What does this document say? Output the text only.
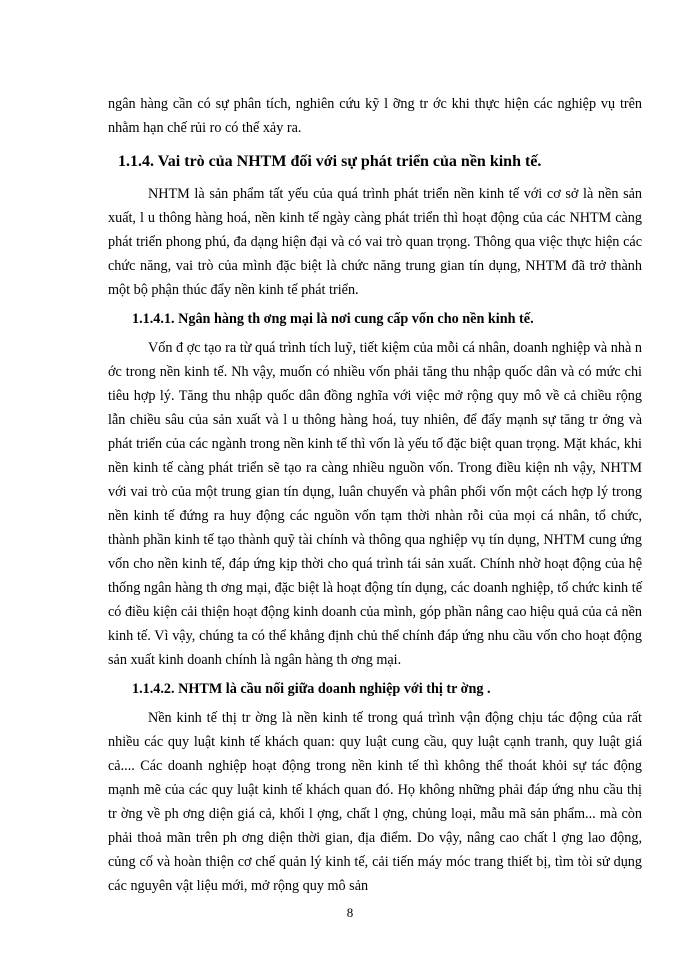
ngân hàng cần có sự phân tích, nghiên cứu kỹ l ỡng tr ớc khi thực hiện các nghiệp vụ trên nhằm hạn chế rủi ro có thể xảy ra.

1.1.4. Vai trò của NHTM đối với sự phát triển của nền kinh tế.

NHTM là sản phẩm tất yếu của quá trình phát triển nền kinh tế với cơ sở là nền sản xuất, l u thông hàng hoá, nền kinh tế ngày càng phát triển thì hoạt động của các NHTM càng phát triển phong phú, đa dạng hiện đại và có vai trò quan trọng. Thông qua việc thực hiện các chức năng, vai trò của mình đặc biệt là chức năng trung gian tín dụng, NHTM đã trở thành một bộ phận thúc đẩy nền kinh tế phát triển.

1.1.4.1. Ngân hàng th ơng mại là nơi cung cấp vốn cho nền kinh tế.

Vốn đ ợc tạo ra từ quá trình tích luỹ, tiết kiệm của mỗi cá nhân, doanh nghiệp và nhà n ớc trong nền kinh tế. Nh vậy, muốn có nhiều vốn phải tăng thu nhập quốc dân và có mức chi tiêu hợp lý. Tăng thu nhập quốc dân đồng nghĩa với việc mở rộng quy mô về cả chiều rộng lẫn chiều sâu của sản xuất và l u thông hàng hoá, tuy nhiên, để đẩy mạnh sự tăng tr ởng và phát triển của các ngành trong nền kinh tế thì vốn là yếu tố đặc biệt quan trọng. Mặt khác, khi nền kinh tế càng phát triển sẽ tạo ra càng nhiều nguồn vốn. Trong điều kiện nh vậy, NHTM với vai trò của một trung gian tín dụng, luân chuyển và phân phối vốn một cách hợp lý trong nền kinh tế đứng ra huy động các nguồn vốn tạm thời nhàn rỗi của mọi cá nhân, tổ chức, thành phần kinh tế tạo thành quỹ tài chính và thông qua nghiệp vụ tín dụng, NHTM cung ứng vốn cho nền kinh tế, đáp ứng kịp thời cho quá trình tái sản xuất. Chính nhờ hoạt động của hệ thống ngân hàng th ơng mại, đặc biệt là hoạt động tín dụng, các doanh nghiệp, tổ chức kinh tế có điều kiện cải thiện hoạt động kinh doanh của mình, góp phần nâng cao hiệu quả của cả nền kinh tế. Vì vậy, chúng ta có thể khẳng định chủ thể chính đáp ứng nhu cầu vốn cho hoạt động sản xuất kinh doanh chính là ngân hàng th ơng mại.

1.1.4.2. NHTM là cầu nối giữa doanh nghiệp với thị tr ờng .

Nền kinh tế thị tr ờng là nền kinh tế trong quá trình vận động chịu tác động của rất nhiều các quy luật kinh tế khách quan: quy luật cung cầu, quy luật cạnh tranh, quy luật giá cả.... Các doanh nghiệp hoạt động trong nền kinh tế thì không thể thoát khỏi sự tác động mạnh mẽ của các quy luật kinh tế khách quan đó. Họ không những phải đáp ứng nhu cầu thị tr ờng về ph ơng diện giá cả, khối l ợng, chất l ợng, chủng loại, mẫu mã sản phẩm... mà còn phải thoả mãn trên ph ơng diện thời gian, địa điểm. Do vậy, nâng cao chất l ợng lao động, củng cố và hoàn thiện cơ chế quản lý kinh tế, cải tiến máy móc trang thiết bị, tìm tòi sử dụng các nguyên vật liệu mới, mở rộng quy mô sản

8
